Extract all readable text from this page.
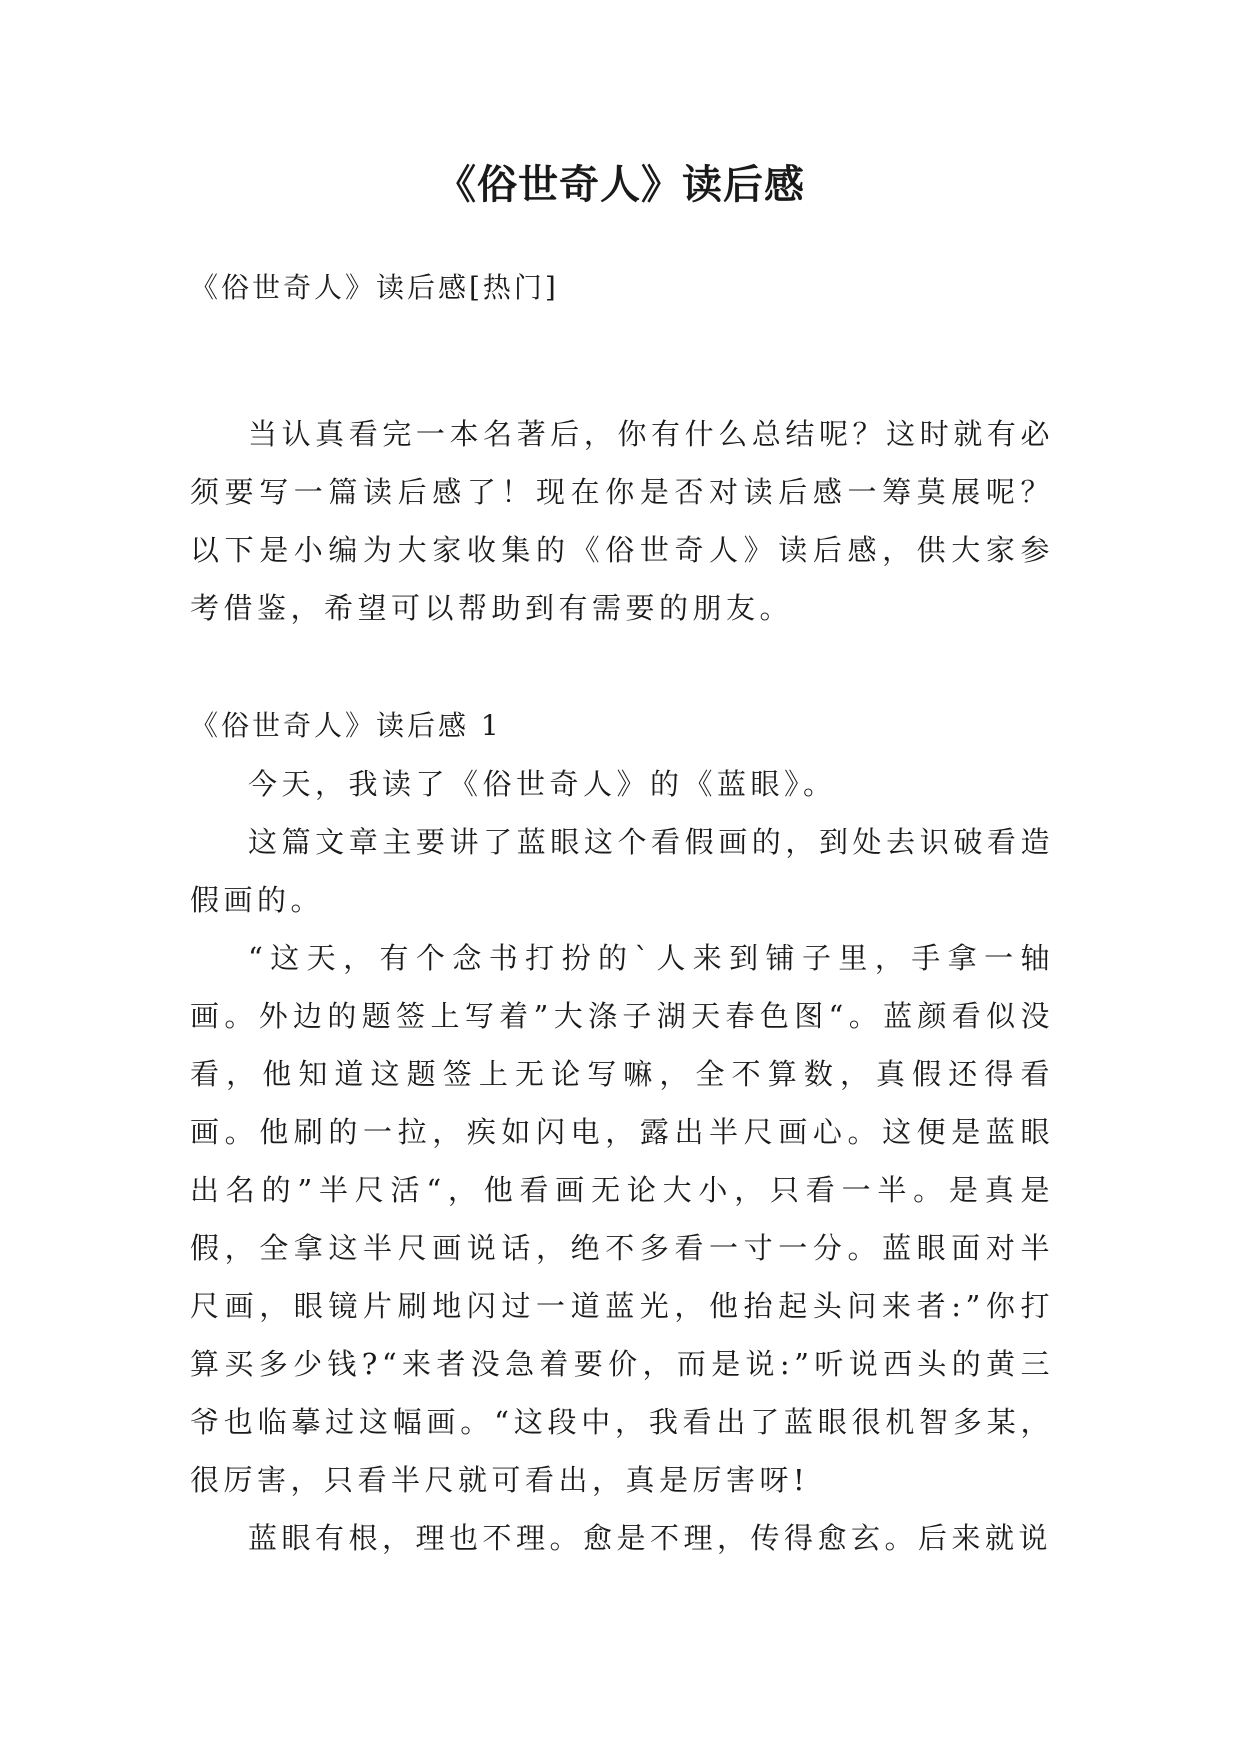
《俗世奇人》读后感
《俗世奇人》读后感[热门]

当认真看完一本名著后，你有什么总结呢？这时就有必须要写一篇读后感了！现在你是否对读后感一筹莫展呢？以下是小编为大家收集的《俗世奇人》读后感，供大家参考借鉴，希望可以帮助到有需要的朋友。

《俗世奇人》读后感 1

今天，我读了《俗世奇人》的《蓝眼》。

这篇文章主要讲了蓝眼这个看假画的，到处去识破看造假画的。

“这天，有个念书打扮的`人来到铺子里，手拿一轴画。外边的题签上写着”大涤子湖天春色图“。蓝颜看似没看，他知道这题签上无论写嘛，全不算数，真假还得看画。他刷的一拉，疾如闪电，露出半尺画心。这便是蓝眼出名的”半尺活“，他看画无论大小，只看一半。是真是假，全拿这半尺画说话，绝不多看一寸一分。蓝眼面对半尺画，眼镜片刷地闪过一道蓝光，他抬起头问来者:”你打算买多少钱?“来者没急着要价，而是说:”听说西头的黄三爷也临摹过这幅画。“这段中，我看出了蓝眼很机智多某，很厉害，只看半尺就可看出，真是厉害呀!

蓝眼有根，理也不理。愈是不理，传得愈玄。后来就说
